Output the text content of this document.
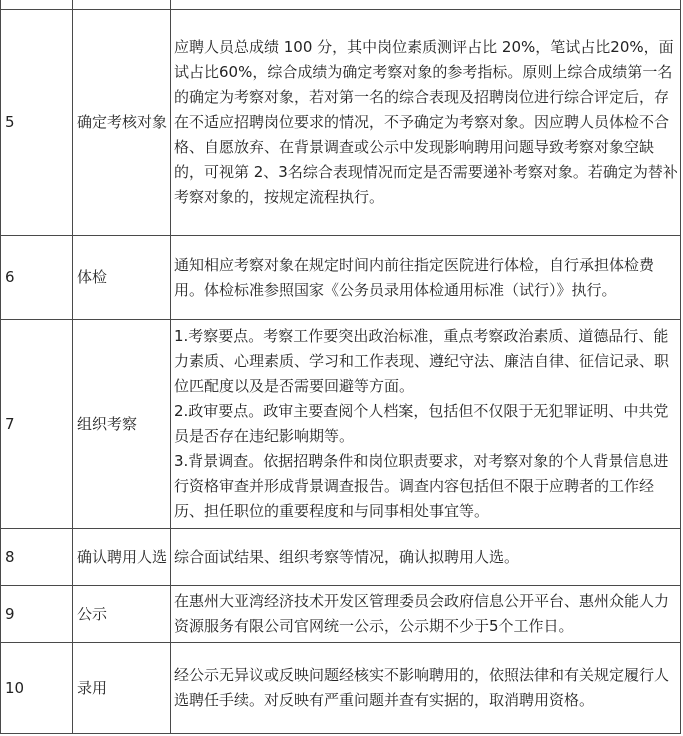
5	确定考核对象	应聘人员总成绩 100 分，其中岗位素质测评占比 20%，笔试占比20%，面试占比60%，综合成绩为确定考察对象的参考指标。原则上综合成绩第一名的确定为考察对象，若对第一名的综合表现及招聘岗位进行综合评定后，存在不适应招聘岗位要求的情况，不予确定为考察对象。因应聘人员体检不合格、自愿放弃、在背景调查或公示中发现影响聘用问题导致考察对象空缺的，可视第 2、3名综合表现情况而定是否需要递补考察对象。若确定为替补考察对象的，按规定流程执行。

6	体检	通知相应考察对象在规定时间内前往指定医院进行体检，自行承担体检费用。体检标准参照国家《公务员录用体检通用标准（试行）》执行。

7	组织考察	1.考察要点。考察工作要突出政治标准，重点考察政治素质、道德品行、能力素质、心理素质、学习和工作表现、遵纪守法、廉洁自律、征信记录、职位匹配度以及是否需要回避等方面。
2.政审要点。政审主要查阅个人档案，包括但不仅限于无犯罪证明、中共党员是否存在违纪影响期等。
3.背景调查。依据招聘条件和岗位职责要求，对考察对象的个人背景信息进行资格审查并形成背景调查报告。调查内容包括但不限于应聘者的工作经历、担任职位的重要程度和与同事相处事宜等。

8	确认聘用人选	综合面试结果、组织考察等情况，确认拟聘用人选。

9	公示	在惠州大亚湾经济技术开发区管理委员会政府信息公开平台、惠州众能人力资源服务有限公司官网统一公示，公示期不少于5个工作日。

10	录用	经公示无异议或反映问题经核实不影响聘用的，依照法律和有关规定履行人选聘任手续。对反映有严重问题并查有实据的，取消聘用资格。
